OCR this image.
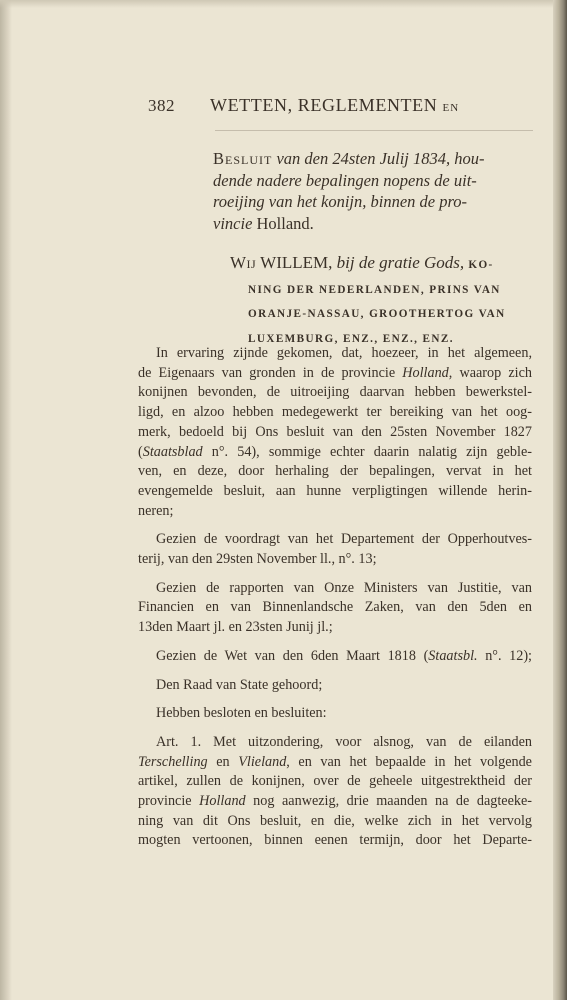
382 WETTEN, REGLEMENTEN EN
Besluit van den 24sten Julij 1834, hou-
dende nadere bepalingen nopens de uit-
roeijing van het konijn, binnen de pro-
vincie Holland.
Wij WILLEM, bij de gratie Gods, KO-
NING DER NEDERLANDEN, PRINS VAN
ORANJE-NASSAU, GROOTHERTOG VAN
LUXEMBURG, ENZ., ENZ., ENZ.
In ervaring zijnde gekomen, dat, hoezeer, in het algemeen,
de Eigenaars van gronden in de provincie Holland, waarop zich
konijnen bevonden, de uitroeijing daarvan hebben bewerkstel-
ligd, en alzoo hebben medegewerkt ter bereiking van het oog-
merk, bedoeld bij Ons besluit van den 25sten November 1827
(Staatsblad n°. 54), sommige echter daarin nalatig zijn geble-
ven, en deze, door herhaling der bepalingen, vervat in het
evengemelde besluit, aan hunne verpligtingen willende herin-
neren;
Gezien de voordragt van het Departement der Opperhoutves-
terij, van den 29sten November ll., n°. 13;
Gezien de rapporten van Onze Ministers van Justitie, van
Financien en van Binnenlandsche Zaken, van den 5den en
13den Maart jl. en 23sten Junij jl.;
Gezien de Wet van den 6den Maart 1818 (Staatsbl. n°. 12);
Den Raad van State gehoord;
Hebben besloten en besluiten:
Art. 1. Met uitzondering, voor alsnog, van de eilanden
Terschelling en Vlieland, en van het bepaalde in het volgende
artikel, zullen de konijnen, over de geheele uitgestrektheid der
provincie Holland nog aanwezig, drie maanden na de dagteeke-
ning van dit Ons besluit, en die, welke zich in het vervolg
mogten vertoonen, binnen eenen termijn, door het Departe-
